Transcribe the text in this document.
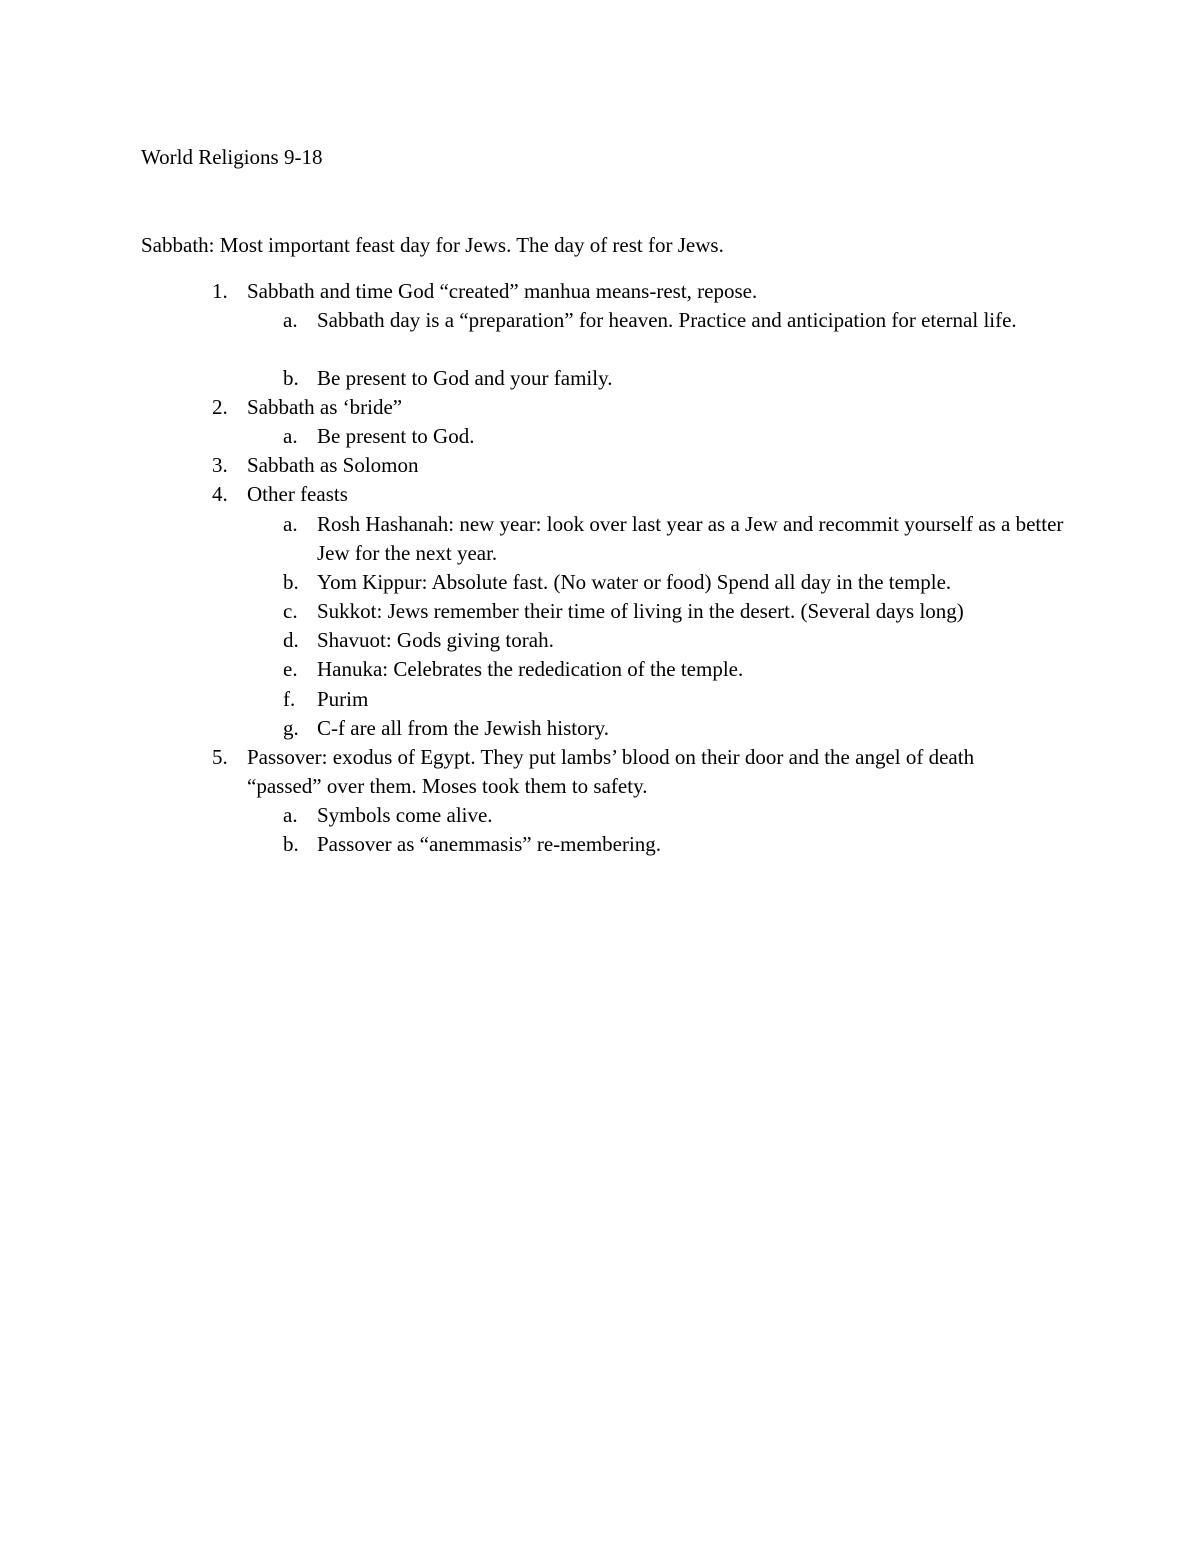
World Religions 9-18
Sabbath: Most important feast day for Jews. The day of rest for Jews.
1. Sabbath and time God “created” manhua means-rest, repose.
a. Sabbath day is a “preparation” for heaven. Practice and anticipation for eternal life.
b. Be present to God and your family.
2. Sabbath as ‘bride”
a. Be present to God.
3. Sabbath as Solomon
4. Other feasts
a. Rosh Hashanah: new year: look over last year as a Jew and recommit yourself as a better Jew for the next year.
b. Yom Kippur: Absolute fast. (No water or food) Spend all day in the temple.
c. Sukkot: Jews remember their time of living in the desert. (Several days long)
d. Shavuot: Gods giving torah.
e. Hanuka: Celebrates the rededication of the temple.
f. Purim
g. C-f are all from the Jewish history.
5. Passover: exodus of Egypt. They put lambs’ blood on their door and the angel of death “passed” over them. Moses took them to safety.
a. Symbols come alive.
b. Passover as “anemmasis” re-membering.
